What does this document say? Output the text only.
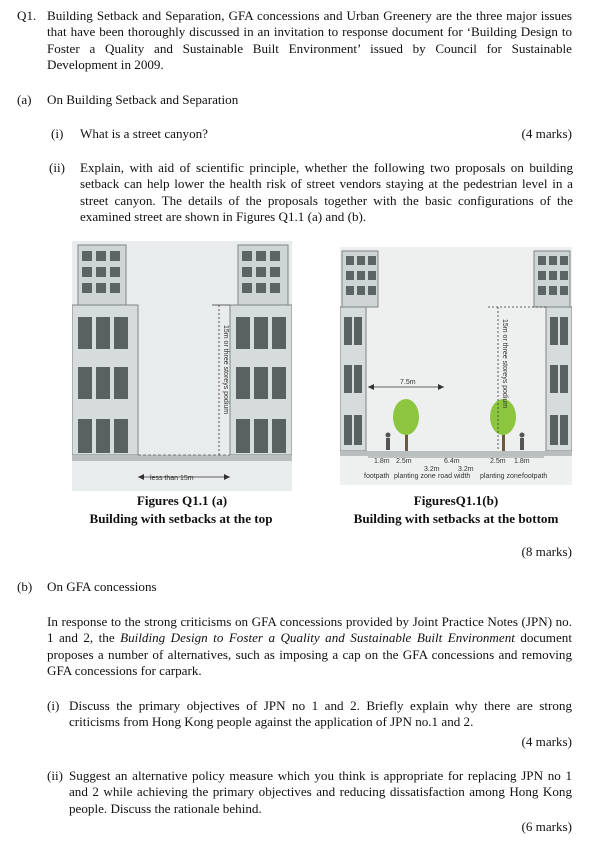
Q1. Building Setback and Separation, GFA concessions and Urban Greenery are the three major issues that have been thoroughly discussed in an invitation to response document for ‘Building Design to Foster a Quality and Sustainable Built Environment’ issued by Council for Sustainable Development in 2009.
(a) On Building Setback and Separation
(i) What is a street canyon?	(4 marks)
(ii) Explain, with aid of scientific principle, whether the following two proposals on building setback can help lower the health risk of street vendors staying at the pedestrian level in a street canyon. The details of the proposals together with the basic configurations of the examined street are shown in Figures Q1.1 (a) and (b).
15m or three storeys podium
less than 15m
Figures Q1.1 (a)
Building with setbacks at the top
7.5m	15m or three storeys podium
1.8m 2.5m	6.4m	2.5m 1.8m
3.2m	3.2m
footpath planting zone road width planting zone footpath
FiguresQ1.1(b)
Building with setbacks at the bottom
(8 marks)
(b) On GFA concessions
In response to the strong criticisms on GFA concessions provided by Joint Practice Notes (JPN) no. 1 and 2, the Building Design to Foster a Quality and Sustainable Built Environment document proposes a number of alternatives, such as imposing a cap on the GFA concessions and removing GFA concessions for carpark.
(i) Discuss the primary objectives of JPN no 1 and 2. Briefly explain why there are strong criticisms from Hong Kong people against the application of JPN no.1 and 2.
(4 marks)
(ii) Suggest an alternative policy measure which you think is appropriate for replacing JPN no 1 and 2 while achieving the primary objectives and reducing dissatisfaction among Hong Kong people. Discuss the rationale behind.
(6 marks)
